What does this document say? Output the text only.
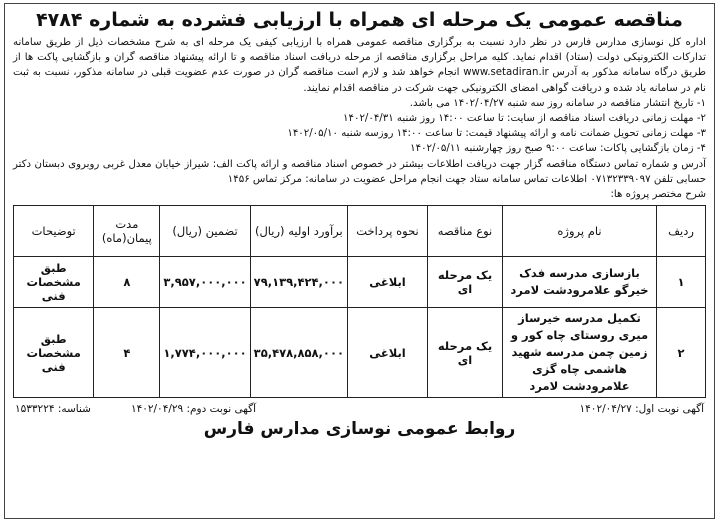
مناقصه عمومی یک مرحله ای همراه با ارزیابی فشرده به شماره ۴۷۸۴

اداره کل نوسازی مدارس فارس در نظر دارد نسبت به برگزاری مناقصه عمومی همراه با ارزیابی کیفی یک مرحله ای به شرح مشخصات ذیل از طریق سامانه تدارکات الکترونیکی دولت (ستاد) اقدام نماید. کلیه مراحل برگزاری مناقصه از مرحله دریافت اسناد مناقصه و تا ارائه پیشنهاد مناقصه گران و بازگشایی پاکت ها از طریق درگاه سامانه مذکور به آدرس www.setadiran.ir انجام خواهد شد و لازم است مناقصه گران در صورت عدم عضویت قبلی در سامانه مذکور، نسبت به ثبت نام در سامانه یاد شده و دریافت گواهی امضای الکترونیکی جهت شرکت در مناقصه اقدام نمایند.

۱- تاریخ انتشار مناقصه در سامانه روز سه شنبه ۱۴۰۲/۰۴/۲۷ می باشد.
۲- مهلت زمانی دریافت اسناد مناقصه از سایت: تا ساعت ۱۴:۰۰ روز شنبه ۱۴۰۲/۰۴/۳۱
۳- مهلت زمانی تحویل ضمانت نامه و ارائه پیشنهاد قیمت: تا ساعت ۱۴:۰۰ روزسه شنبه ۱۴۰۲/۰۵/۱۰
۴- زمان بازگشایی پاکات: ساعت ۹:۰۰ صبح روز چهارشنبه ۱۴۰۲/۰۵/۱۱

آدرس و شماره تماس دستگاه مناقصه گزار جهت دریافت اطلاعات بیشتر در خصوص اسناد مناقصه و ارائه پاکت الف: شیراز خیابان معدل غربی روبروی دبستان دکتر حسابی تلفن ۰۷۱۳۲۳۳۹۰۹۷ اطلاعات تماس سامانه ستاد جهت انجام مراحل عضویت در سامانه: مرکز تماس ۱۴۵۶

شرح مختصر پروژه ها:
ردیف	نام پروژه	نوع مناقصه	نحوه پرداخت	برآورد اولیه (ریال)	تضمین (ریال)	مدت پیمان(ماه)	توضیحات
۱	بازسازی مدرسه فدک خیرگو علامرودشت لامرد	یک مرحله ای	ابلاغی	۷۹,۱۳۹,۴۲۴,۰۰۰	۳,۹۵۷,۰۰۰,۰۰۰	۸	طبق مشخصات فنی
۲	تکمیل مدرسه خیرساز میری روستای چاه کور و زمین چمن مدرسه شهید هاشمی چاه گزی علامرودشت لامرد	یک مرحله ای	ابلاغی	۳۵,۴۷۸,۸۵۸,۰۰۰	۱,۷۷۴,۰۰۰,۰۰۰	۴	طبق مشخصات فنی
آگهی نوبت اول: ۱۴۰۲/۰۴/۲۷
آگهی نوبت دوم: ۱۴۰۲/۰۴/۲۹
شناسه: ۱۵۳۳۲۲۴
روابط عمومی نوسازی مدارس فارس
